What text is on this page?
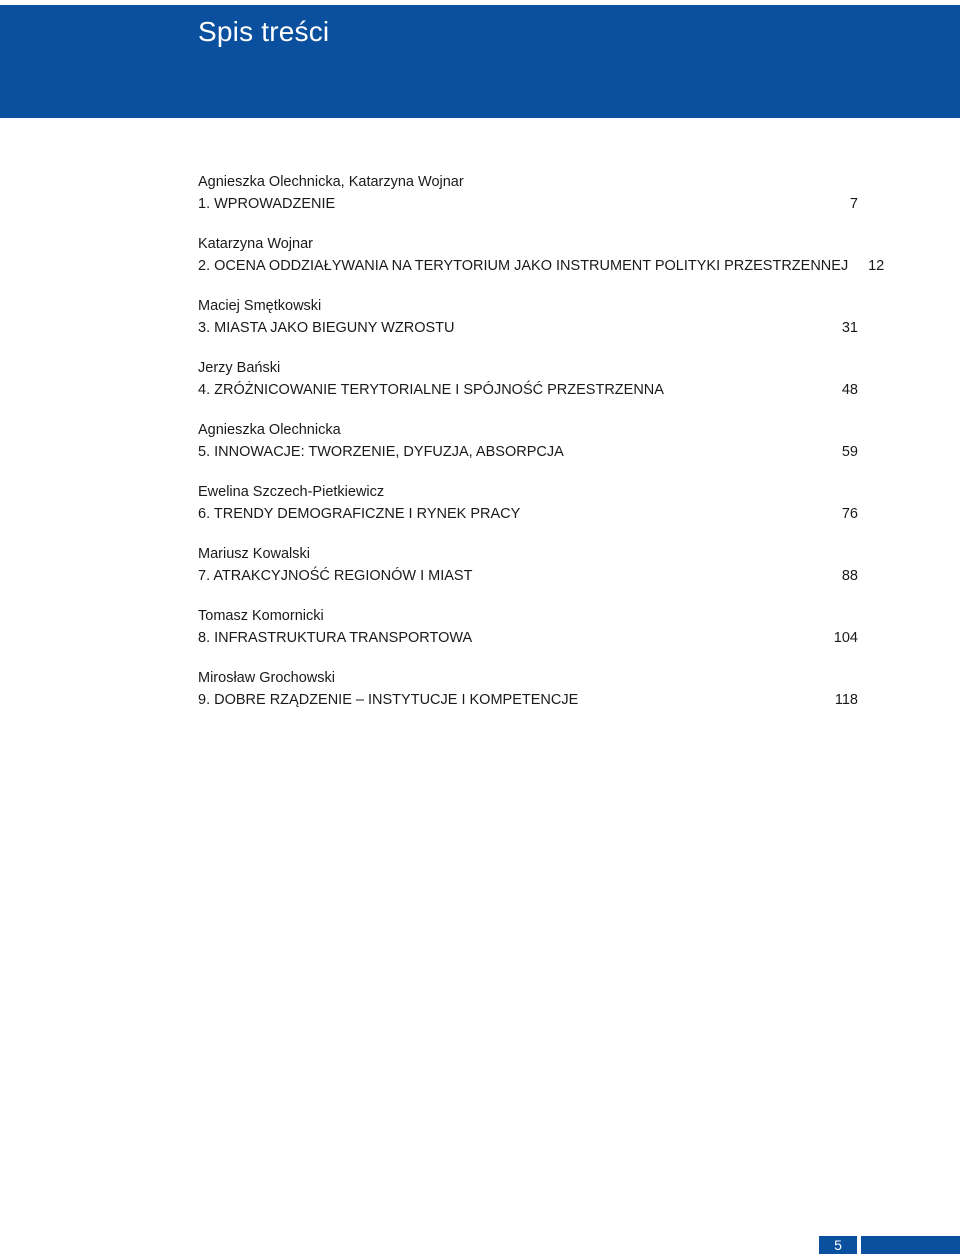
Spis treści
Agnieszka Olechnicka, Katarzyna Wojnar
1. WPROWADZENIE	7
Katarzyna Wojnar
2. OCENA ODDZIAŁYWANIA NA TERYTORIUM JAKO INSTRUMENT POLITYKI PRZESTRZENNEJ	12
Maciej Smętkowski
3. MIASTA JAKO BIEGUNY WZROSTU	31
Jerzy Bański
4. ZRÓŻNICOWANIE TERYTORIALNE I SPÓJNOŚĆ PRZESTRZENNA	48
Agnieszka Olechnicka
5. INNOWACJE: TWORZENIE, DYFUZJA, ABSORPCJA	59
Ewelina Szczech-Pietkiewicz
6. TRENDY DEMOGRAFICZNE I RYNEK PRACY	76
Mariusz Kowalski
7. ATRAKCYJNOŚĆ REGIONÓW I MIAST	88
Tomasz Komornicki
8. INFRASTRUKTURA TRANSPORTOWA	104
Mirosław Grochowski
9. DOBRE RZĄDZENIE – INSTYTUCJE I KOMPETENCJE	118
5
